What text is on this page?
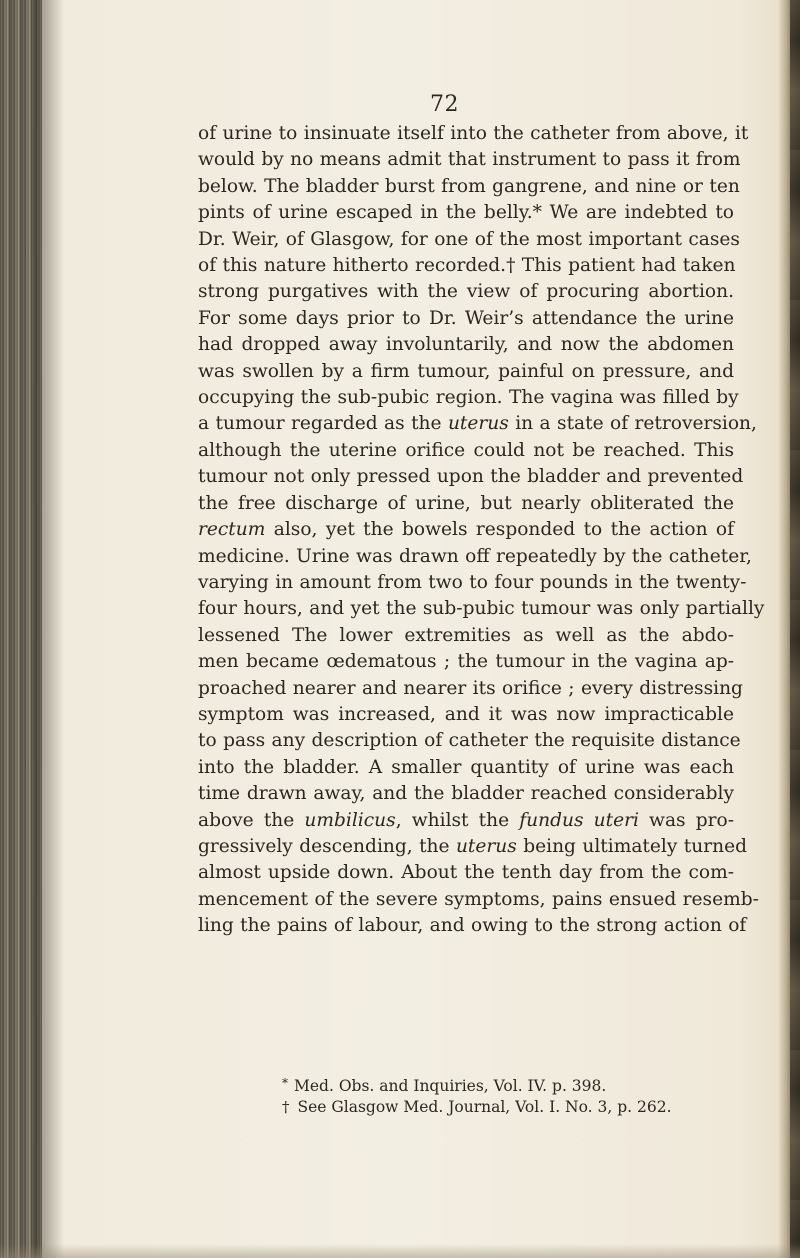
72
of urine to insinuate itself into the catheter from above, it
would by no means admit that instrument to pass it from
below. The bladder burst from gangrene, and nine or ten
pints of urine escaped in the belly.* We are indebted to
Dr. Weir, of Glasgow, for one of the most important cases
of this nature hitherto recorded.† This patient had taken
strong purgatives with the view of procuring abortion.
For some days prior to Dr. Weir’s attendance the urine
had dropped away involuntarily, and now the abdomen
was swollen by a firm tumour, painful on pressure, and
occupying the sub-pubic region. The vagina was filled by
a tumour regarded as the uterus in a state of retroversion,
although the uterine orifice could not be reached. This
tumour not only pressed upon the bladder and prevented
the free discharge of urine, but nearly obliterated the
rectum also, yet the bowels responded to the action of
medicine. Urine was drawn off repeatedly by the catheter,
varying in amount from two to four pounds in the twenty-
four hours, and yet the sub-pubic tumour was only partially
lessened The lower extremities as well as the abdo-
men became œdematous ; the tumour in the vagina ap-
proached nearer and nearer its orifice ; every distressing
symptom was increased, and it was now impracticable
to pass any description of catheter the requisite distance
into the bladder. A smaller quantity of urine was each
time drawn away, and the bladder reached considerably
above the umbilicus, whilst the fundus uteri was pro-
gressively descending, the uterus being ultimately turned
almost upside down. About the tenth day from the com-
mencement of the severe symptoms, pains ensued resemb-
ling the pains of labour, and owing to the strong action of
* Med. Obs. and Inquiries, Vol. IV. p. 398.
† See Glasgow Med. Journal, Vol. I. No. 3, p. 262.
